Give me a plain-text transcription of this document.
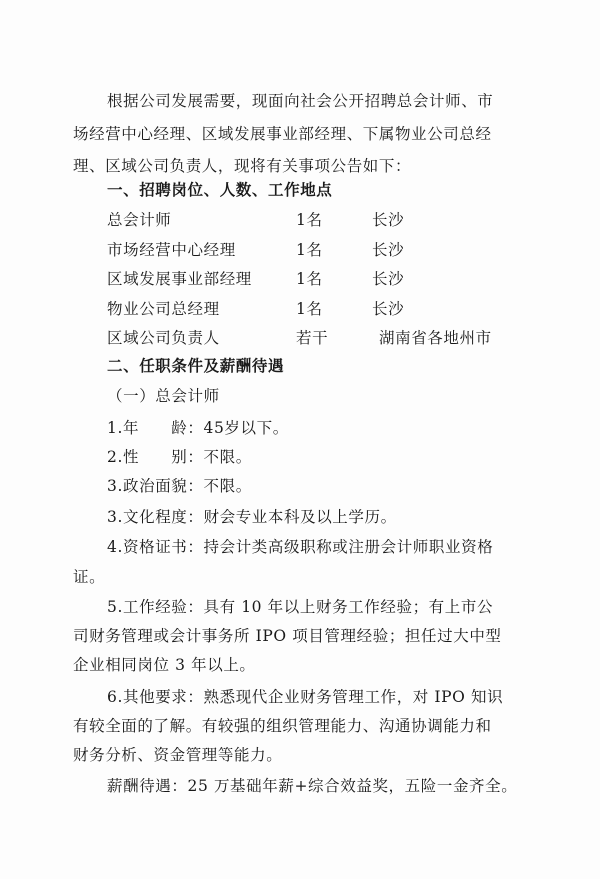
根据公司发展需要，现面向社会公开招聘总会计师、市
场经营中心经理、区域发展事业部经理、下属物业公司总经
理、区域公司负责人，现将有关事项公告如下：
一、招聘岗位、人数、工作地点
总会计师	1名	长沙
市场经营中心经理	1名	长沙
区域发展事业部经理	1名	长沙
物业公司总经理	1名	长沙
区域公司负责人	若干	湖南省各地州市
二、任职条件及薪酬待遇
（一）总会计师
1.年　　龄：45岁以下。
2.性　　别：不限。
3.政治面貌：不限。
3.文化程度：财会专业本科及以上学历。
4.资格证书：持会计类高级职称或注册会计师职业资格
证。
5.工作经验：具有 10 年以上财务工作经验；有上市公
司财务管理或会计事务所 IPO 项目管理经验；担任过大中型
企业相同岗位 3 年以上。
6.其他要求：熟悉现代企业财务管理工作，对 IPO 知识
有较全面的了解。有较强的组织管理能力、沟通协调能力和
财务分析、资金管理等能力。
薪酬待遇：25 万基础年薪+综合效益奖，五险一金齐全。
